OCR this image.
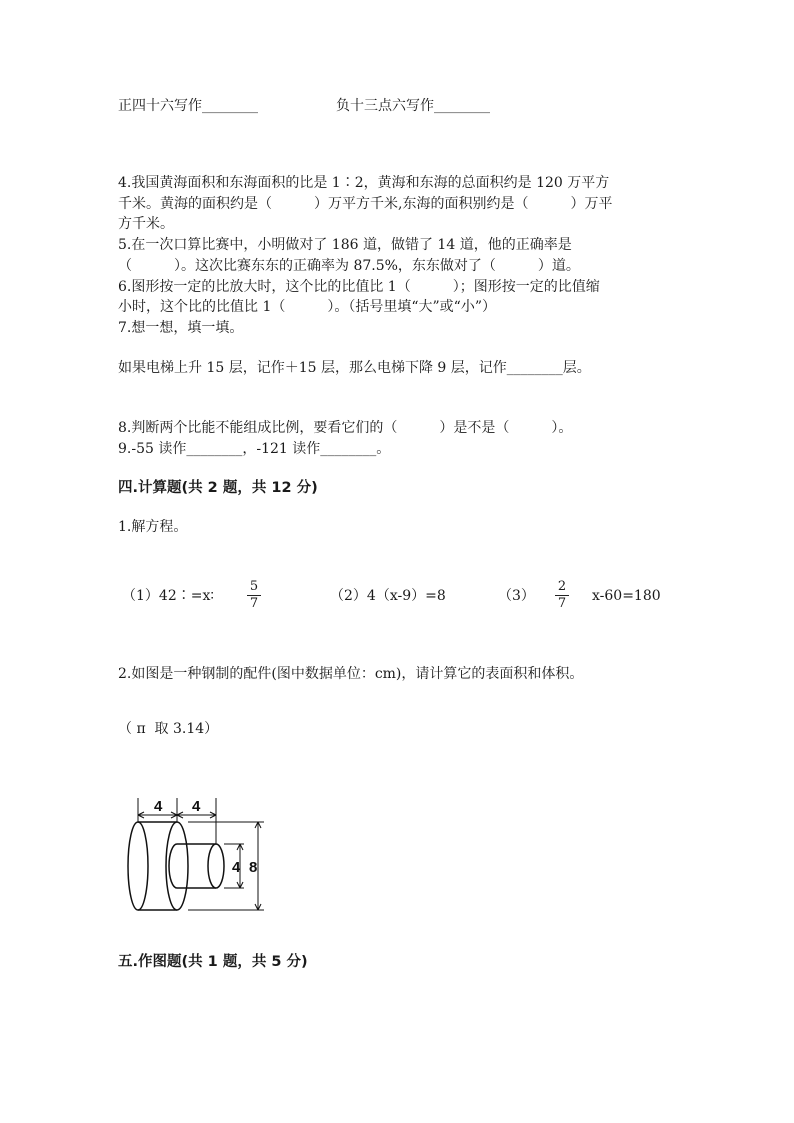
正四十六写作________	负十三点六写作________
4.我国黄海面积和东海面积的比是 1∶2，黄海和东海的总面积约是 120 万平方
千米。黄海的面积约是（　　　）万平方千米,东海的面积别约是（　　　）万平
方千米。
5.在一次口算比赛中，小明做对了 186 道，做错了 14 道，他的正确率是
（　　　）。这次比赛东东的正确率为 87.5%，东东做对了（　　　）道。
6.图形按一定的比放大时，这个比的比值比 1（　　　）；图形按一定的比值缩
小时，这个比的比值比 1（　　　）。（括号里填“大”或“小”）
7.想一想，填一填。
如果电梯上升 15 层，记作＋15 层，那么电梯下降 9 层，记作________层。
8.判断两个比能不能组成比例，要看它们的（　　　）是不是（　　　）。
9.-55 读作________，-121 读作________。
四.计算题(共 2 题，共 12 分)
1.解方程。
（1）42∶=x∶
5
7	（2）4（x-9）=8	（3）
2
7 x-60=180
2.如图是一种钢制的配件(图中数据单位：cm)，请计算它的表面积和体积。
（ π  取 3.14）
4 4
4 8
五.作图题(共 1 题，共 5 分)
